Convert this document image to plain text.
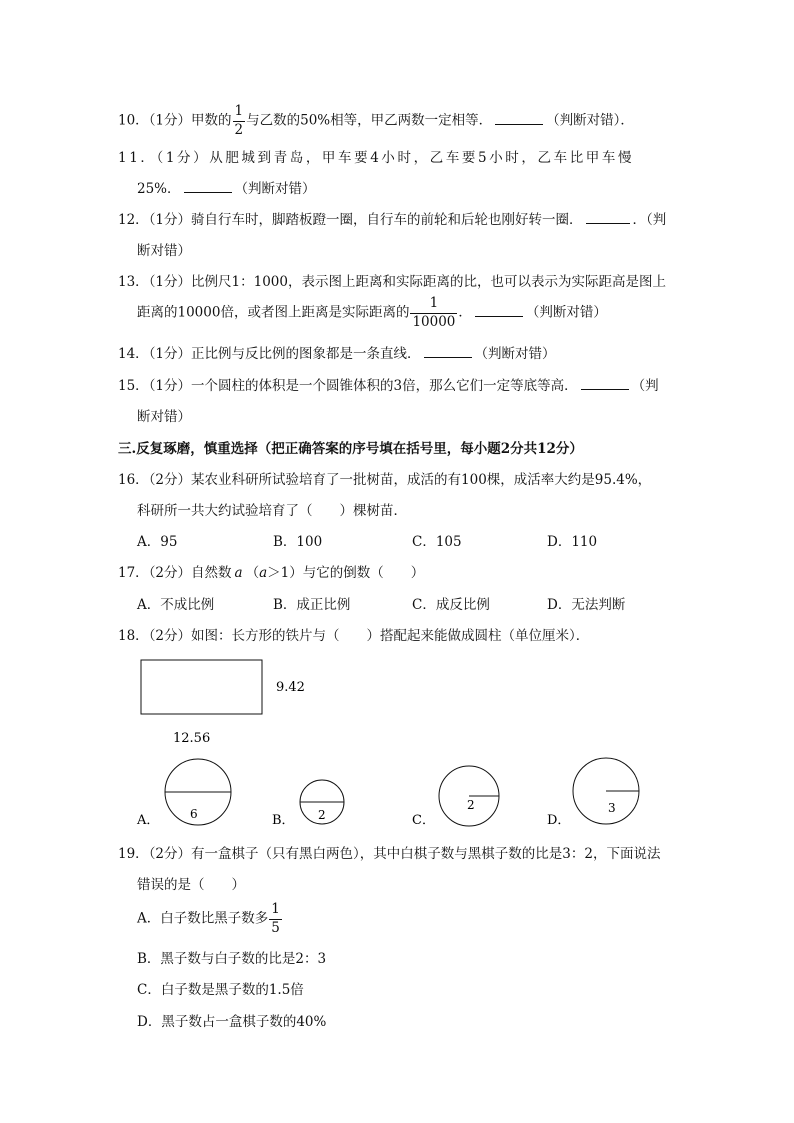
10．（1分）甲数的 $\frac{1}{2}$ 与乙数的50%相等，甲乙两数一定相等．	（判断对错）．
11．（1分）从肥城到青岛，甲车要4小时，乙车要5小时，乙车比甲车慢
25%．	（判断对错）
12．（1分）骑自行车时，脚踏板蹬一圈，自行车的前轮和后轮也刚好转一圈．	．（判
断对错）
13．（1分）比例尺1：1000，表示图上距离和实际距离的比，也可以表示为实际距高是图上
距离的10000倍，或者图上距离是实际距离的 $\frac{1}{10000}$ ．	（判断对错）
14．（1分）正比例与反比例的图象都是一条直线．	（判断对错）
15．（1分）一个圆柱的体积是一个圆锥体积的3倍，那么它们一定等底等高．	（判
断对错）
三.反复琢磨，慎重选择（把正确答案的序号填在括号里，每小题2分共12分）
16．（2分）某农业科研所试验培育了一批树苗，成活的有100棵，成活率大约是95.4%，
科研所一共大约试验培育了（　　）棵树苗．
A．95	B．100	C．105	D．110
17．（2分）自然数 a （a＞1）与它的倒数（　　）
A．不成比例	B．成正比例	C．成反比例	D．无法判断
18．（2分）如图：长方形的铁片与（　　）搭配起来能做成圆柱（单位厘米）．
9.42
12.56
6
A．	2
B．
2
C．
3
D．
19．（2分）有一盒棋子（只有黑白两色），其中白棋子数与黑棋子数的比是3：2，下面说法
错误的是（　　）
A．白子数比黑子数多 $\frac{1}{5}$
B．黑子数与白子数的比是2：3
C．白子数是黑子数的1.5倍
D．黑子数占一盒棋子数的40%
